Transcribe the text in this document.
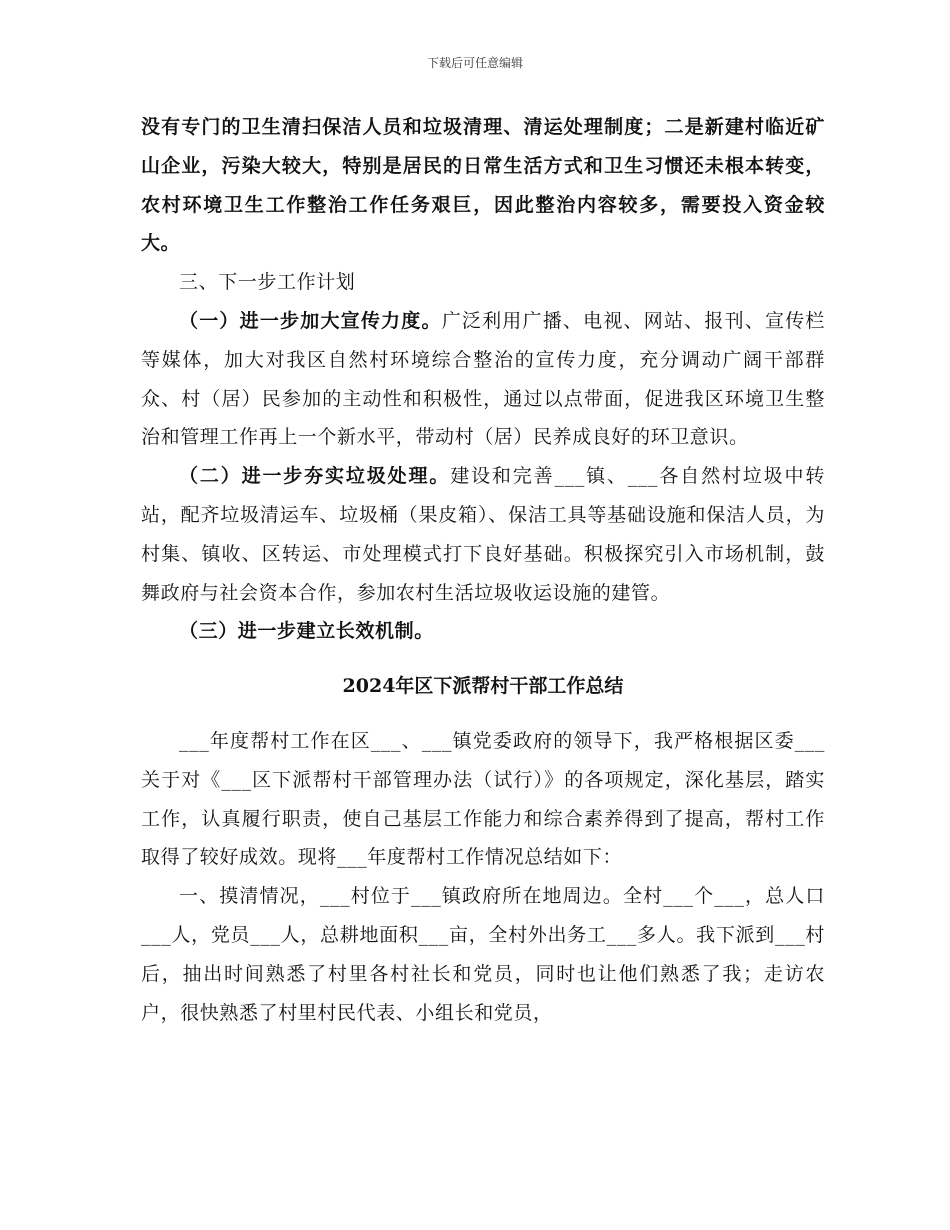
下载后可任意编辑

没有专门的卫生清扫保洁人员和垃圾清理、清运处理制度；二是新建村临近矿山企业，污染大较大，特别是居民的日常生活方式和卫生习惯还未根本转变，农村环境卫生工作整治工作任务艰巨，因此整治内容较多，需要投入资金较大。

三、下一步工作计划

（一）进一步加大宣传力度。广泛利用广播、电视、网站、报刊、宣传栏等媒体，加大对我区自然村环境综合整治的宣传力度，充分调动广阔干部群众、村（居）民参加的主动性和积极性，通过以点带面，促进我区环境卫生整治和管理工作再上一个新水平，带动村（居）民养成良好的环卫意识。

（二）进一步夯实垃圾处理。建设和完善___镇、___各自然村垃圾中转站，配齐垃圾清运车、垃圾桶（果皮箱）、保洁工具等基础设施和保洁人员，为村集、镇收、区转运、市处理模式打下良好基础。积极探究引入市场机制，鼓舞政府与社会资本合作，参加农村生活垃圾收运设施的建管。

（三）进一步建立长效机制。

2024年区下派帮村干部工作总结

___年度帮村工作在区___、___镇党委政府的领导下，我严格根据区委___关于对《___区下派帮村干部管理办法（试行）》的各项规定，深化基层，踏实工作，认真履行职责，使自己基层工作能力和综合素养得到了提高，帮村工作取得了较好成效。现将___年度帮村工作情况总结如下：

一、摸清情况，___村位于___镇政府所在地周边。全村___个___，总人口___人，党员___人，总耕地面积___亩，全村外出务工___多人。我下派到___村后，抽出时间熟悉了村里各村社长和党员，同时也让他们熟悉了我；走访农户，很快熟悉了村里村民代表、小组长和党员，
